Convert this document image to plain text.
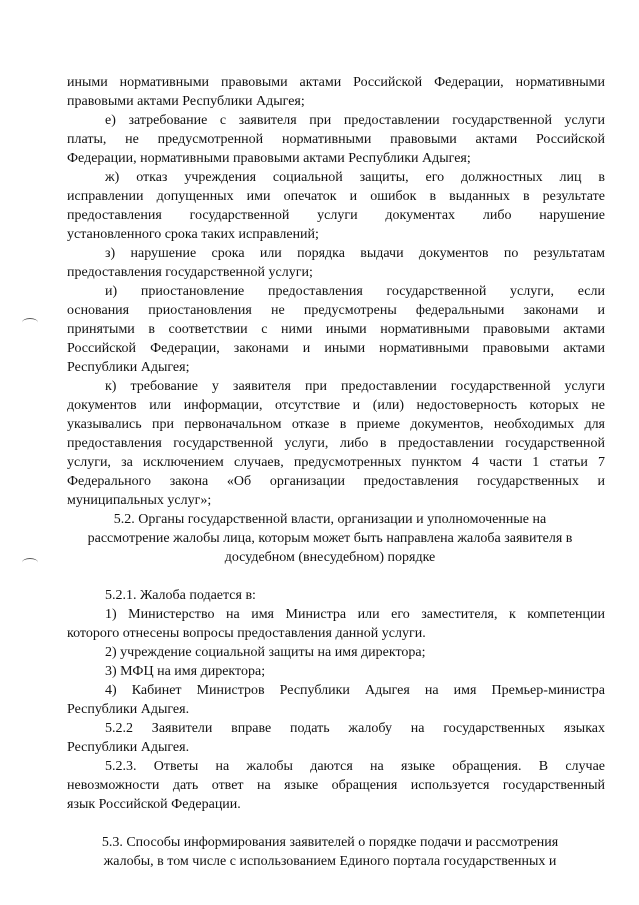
иными нормативными правовыми актами Российской Федерации, нормативными
правовыми актами Республики Адыгея;
е) затребование с заявителя при предоставлении государственной услуги
платы, не предусмотренной нормативными правовыми актами Российской
Федерации, нормативными правовыми актами Республики Адыгея;
ж) отказ учреждения социальной защиты, его должностных лиц в
исправлении допущенных ими опечаток и ошибок в выданных в результате
предоставления государственной услуги документах либо нарушение
установленного срока таких исправлений;
з) нарушение срока или порядка выдачи документов по результатам
предоставления государственной услуги;
и) приостановление предоставления государственной услуги, если
основания приостановления не предусмотрены федеральными законами и
принятыми в соответствии с ними иными нормативными правовыми актами
Российской Федерации, законами и иными нормативными правовыми актами
Республики Адыгея;
к) требование у заявителя при предоставлении государственной услуги
документов или информации, отсутствие и (или) недостоверность которых не
указывались при первоначальном отказе в приеме документов, необходимых для
предоставления государственной услуги, либо в предоставлении государственной
услуги, за исключением случаев, предусмотренных пунктом 4 части 1 статьи 7
Федерального закона «Об организации предоставления государственных и
муниципальных услуг»;
5.2. Органы государственной власти, организации и уполномоченные на
рассмотрение жалобы лица, которым может быть направлена жалоба заявителя в
досудебном (внесудебном) порядке
5.2.1. Жалоба подается в:
1) Министерство на имя Министра или его заместителя, к компетенции
которого отнесены вопросы предоставления данной услуги.
2) учреждение социальной защиты на имя директора;
3) МФЦ на имя директора;
4) Кабинет Министров Республики Адыгея на имя Премьер-министра
Республики Адыгея.
5.2.2 Заявители вправе подать жалобу на государственных языках
Республики Адыгея.
5.2.3. Ответы на жалобы даются на языке обращения. В случае
невозможности дать ответ на языке обращения используется государственный
язык Российской Федерации.
5.3. Способы информирования заявителей о порядке подачи и рассмотрения
жалобы, в том числе с использованием Единого портала государственных и
